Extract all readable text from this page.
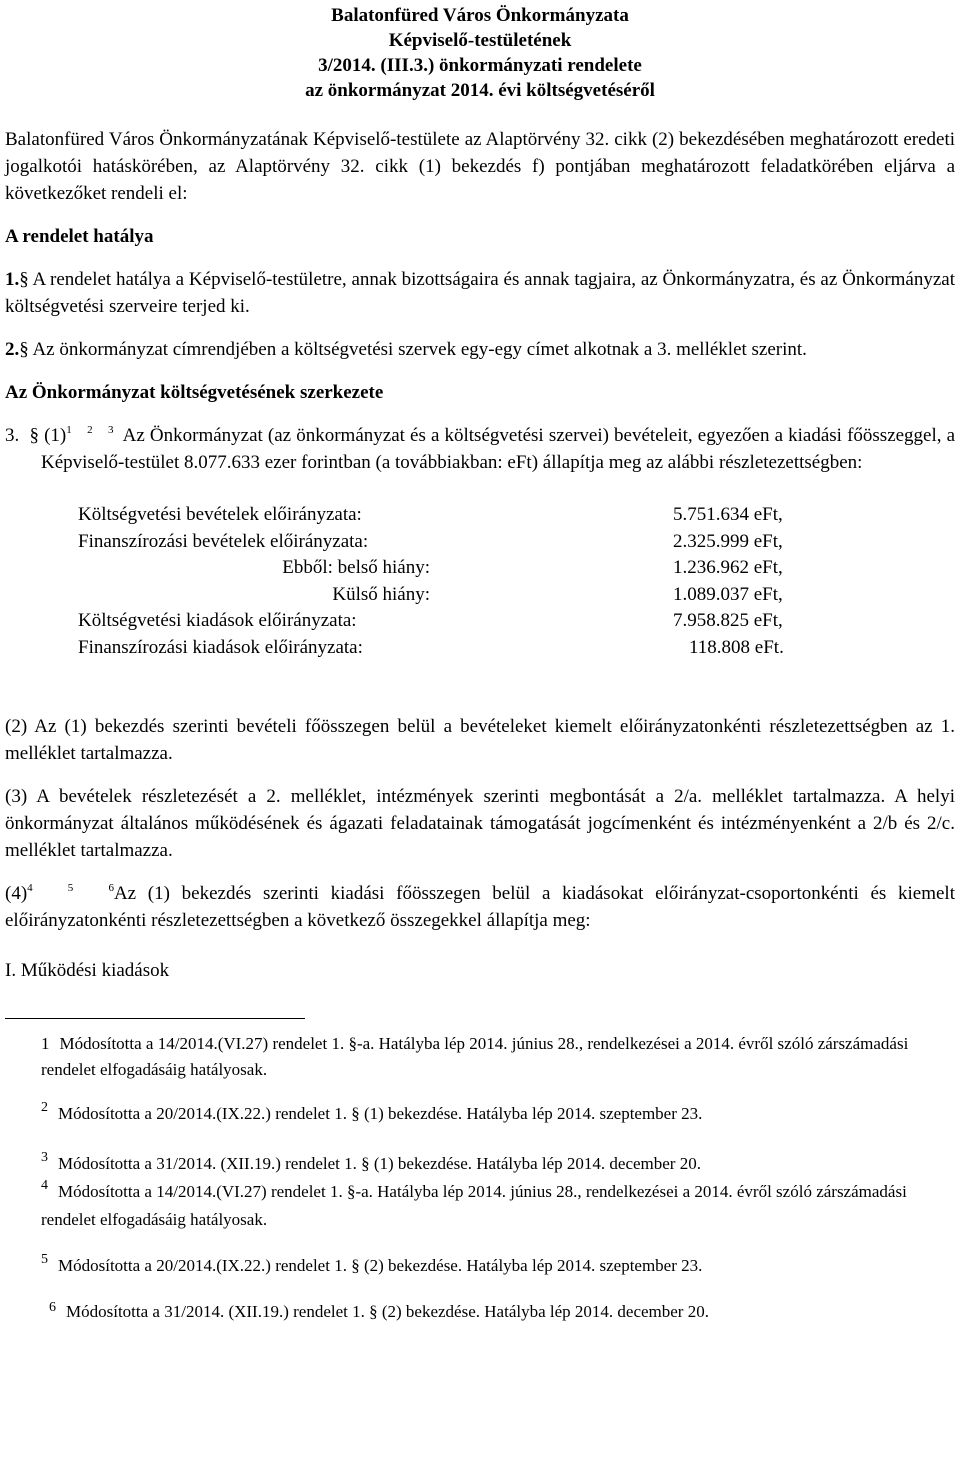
Balatonfüred Város Önkormányzata
Képviselő-testületének
3/2014. (III.3.) önkormányzati rendelete
az önkormányzat 2014. évi költségvetéséről

Balatonfüred Város Önkormányzatának Képviselő-testülete az Alaptörvény 32. cikk (2) bekezdésében meghatározott eredeti jogalkotói hatáskörében, az Alaptörvény 32. cikk (1) bekezdés f) pontjában meghatározott feladatkörében eljárva a következőket rendeli el:

A rendelet hatálya

1.§ A rendelet hatálya a Képviselő-testületre, annak bizottságaira és annak tagjaira, az Önkormányzatra, és az Önkormányzat költségvetési szerveire terjed ki.

2.§ Az önkormányzat címrendjében a költségvetési szervek egy-egy címet alkotnak a 3. melléklet szerint.

Az Önkormányzat költségvetésének szerkezete

3. § $(1)^1$ $^2$ $^3$ Az Önkormányzat (az önkormányzat és a költségvetési szervei) bevételeit, egyezően a kiadási főösszeggel, a Képviselő-testület 8.077.633 ezer forintban (a továbbiakban: eFt) állapítja meg az alábbi részletezettségben:

Költségvetési bevételek előirányzata:	5.751.634 eFt,
Finanszírozási bevételek előirányzata:	2.325.999 eFt,
Ebből: belső hiány:	1.236.962 eFt,
Külső hiány:	1.089.037 eFt,
Költségvetési kiadások előirányzata:	7.958.825 eFt,
Finanszírozási kiadások előirányzata:	118.808 eFt.

(2) Az (1) bekezdés szerinti bevételi főösszegen belül a bevételeket kiemelt előirányzatonkénti részletezettségben az 1. melléklet tartalmazza.

(3) A bevételek részletezését a 2. melléklet, intézmények szerinti megbontását a 2/a. melléklet tartalmazza. A helyi önkormányzat általános működésének és ágazati feladatainak támogatását jogcímenként és intézményenként a 2/b és 2/c. melléklet tartalmazza.

$(4)^4$	$^5$	$^6$Az (1) bekezdés szerinti kiadási főösszegen belül a kiadásokat előirányzat-csoportonkénti és kiemelt előirányzatonkénti részletezettségben a következő összegekkel állapítja meg:

I. Működési kiadások
1 Módosította a 14/2014.(VI.27) rendelet 1. §-a. Hatályba lép 2014. június 28., rendelkezései a 2014. évről szóló zárszámadási rendelet elfogadásáig hatályosak.
2 Módosította a 20/2014.(IX.22.) rendelet 1. § (1) bekezdése. Hatályba lép 2014. szeptember 23.
3 Módosította a 31/2014. (XII.19.) rendelet 1. § (1) bekezdése. Hatályba lép 2014. december 20.
4 Módosította a 14/2014.(VI.27) rendelet 1. §-a. Hatályba lép 2014. június 28., rendelkezései a 2014. évről szóló zárszámadási rendelet elfogadásáig hatályosak.
5 Módosította a 20/2014.(IX.22.) rendelet 1. § (2) bekezdése. Hatályba lép 2014. szeptember 23.
6 Módosította a 31/2014. (XII.19.) rendelet 1. § (2) bekezdése. Hatályba lép 2014. december 20.
